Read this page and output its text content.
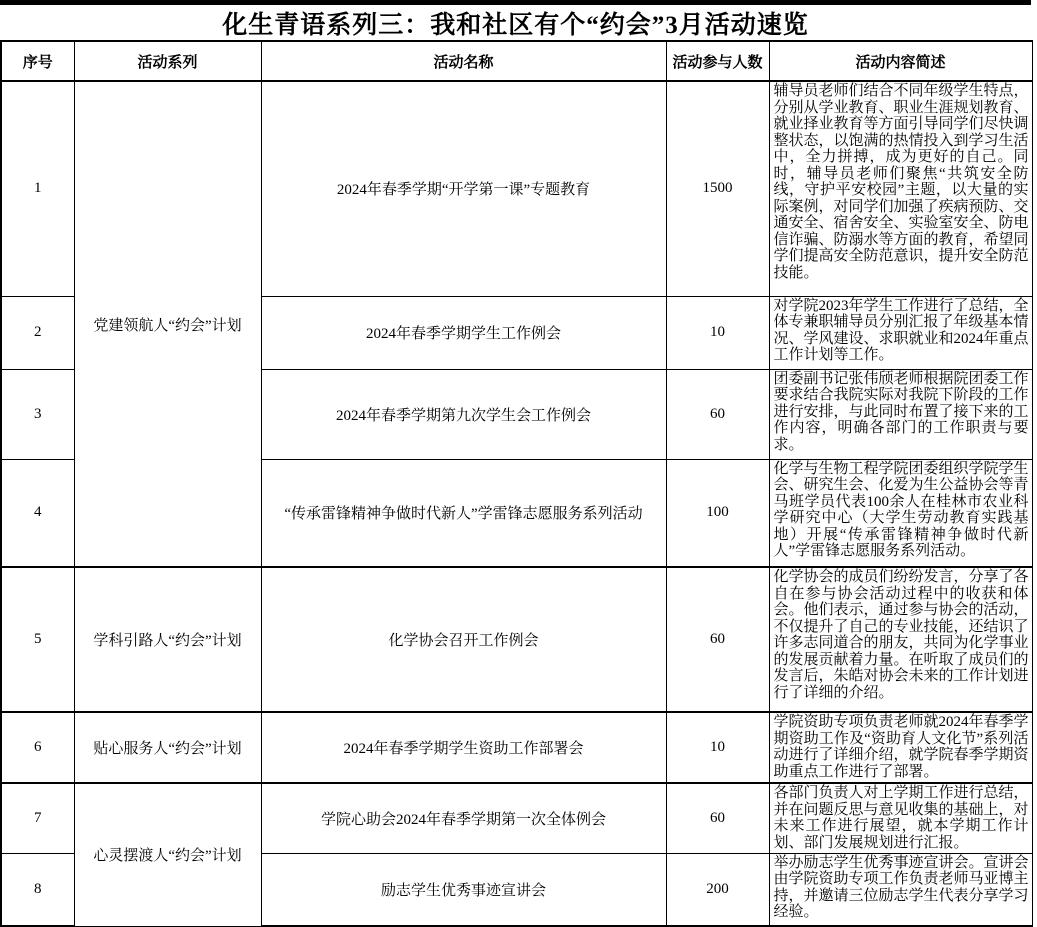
化生青语系列三：我和社区有个“约会”3月活动速览
序号	活动系列	活动名称	活动参与人数	活动内容简述
1	党建领航人“约会”计划	2024年春季学期“开学第一课”专题教育	1500	辅导员老师们结合不同年级学生特点，分别从学业教育、职业生涯规划教育、就业择业教育等方面引导同学们尽快调整状态，以饱满的热情投入到学习生活中，全力拼搏，成为更好的自己。同时，辅导员老师们聚焦“共筑安全防线，守护平安校园”主题，以大量的实际案例，对同学们加强了疾病预防、交通安全、宿舍安全、实验室安全、防电信诈骗、防溺水等方面的教育，希望同学们提高安全防范意识，提升安全防范技能。
2		2024年春季学期学生工作例会	10	对学院2023年学生工作进行了总结，全体专兼职辅导员分别汇报了年级基本情况、学风建设、求职就业和2024年重点工作计划等工作。
3		2024年春季学期第九次学生会工作例会	60	团委副书记张伟颀老师根据院团委工作要求结合我院实际对我院下阶段的工作进行安排，与此同时布置了接下来的工作内容，明确各部门的工作职责与要求。
4		“传承雷锋精神争做时代新人”学雷锋志愿服务系列活动	100	化学与生物工程学院团委组织学院学生会、研究生会、化爱为生公益协会等青马班学员代表100余人在桂林市农业科学研究中心（大学生劳动教育实践基地）开展“传承雷锋精神争做时代新人”学雷锋志愿服务系列活动。
5	学科引路人“约会”计划	化学协会召开工作例会	60	化学协会的成员们纷纷发言，分享了各自在参与协会活动过程中的收获和体会。他们表示，通过参与协会的活动，不仅提升了自己的专业技能，还结识了许多志同道合的朋友，共同为化学事业的发展贡献着力量。在听取了成员们的发言后，朱皓对协会未来的工作计划进行了详细的介绍。
6	贴心服务人“约会”计划	2024年春季学期学生资助工作部署会	10	学院资助专项负责老师就2024年春季学期资助工作及“资助育人文化节”系列活动进行了详细介绍，就学院春季学期资助重点工作进行了部署。
7	心灵摆渡人“约会”计划	学院心助会2024年春季学期第一次全体例会	60	各部门负责人对上学期工作进行总结，并在问题反思与意见收集的基础上，对未来工作进行展望，就本学期工作计划、部门发展规划进行汇报。
8		励志学生优秀事迹宣讲会	200	举办励志学生优秀事迹宣讲会。宣讲会由学院资助专项工作负责老师马亚博主持，并邀请三位励志学生代表分享学习经验。
